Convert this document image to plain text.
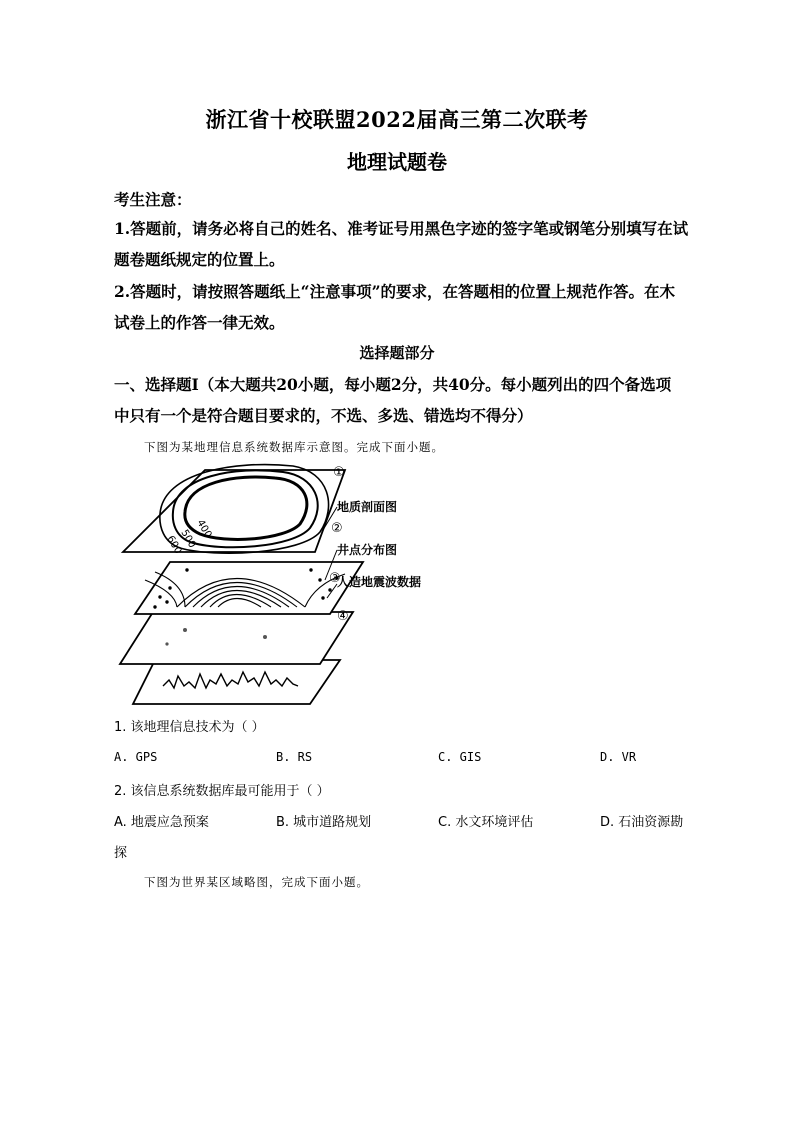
浙江省十校联盟2022届高三第二次联考
地理试题卷
考生注意：
1.答题前，请务必将自己的姓名、准考证号用黑色字迹的签字笔或钢笔分别填写在试
题卷题纸规定的位置上。
2.答题时，请按照答题纸上“注意事项”的要求，在答题相的位置上规范作答。在木
试卷上的作答一律无效。
选择题部分
一、选择题Ⅰ（本大题共20小题，每小题2分，共40分。每小题列出的四个备选项
中只有一个是符合题目要求的，不选、多选、错选均不得分）
下图为某地理信息系统数据库示意图。完成下面小题。
400
500
600
①
②
③
④
地质剖面图
井点分布图
人造地震波数据
1. 该地理信息技术为（ ）
A. GPS	B. RS	C. GIS	D. VR
2. 该信息系统数据库最可能用于（ ）
A. 地震应急预案	B. 城市道路规划	C. 水文环境评估	D. 石油资源勘
探
下图为世界某区域略图，完成下面小题。
